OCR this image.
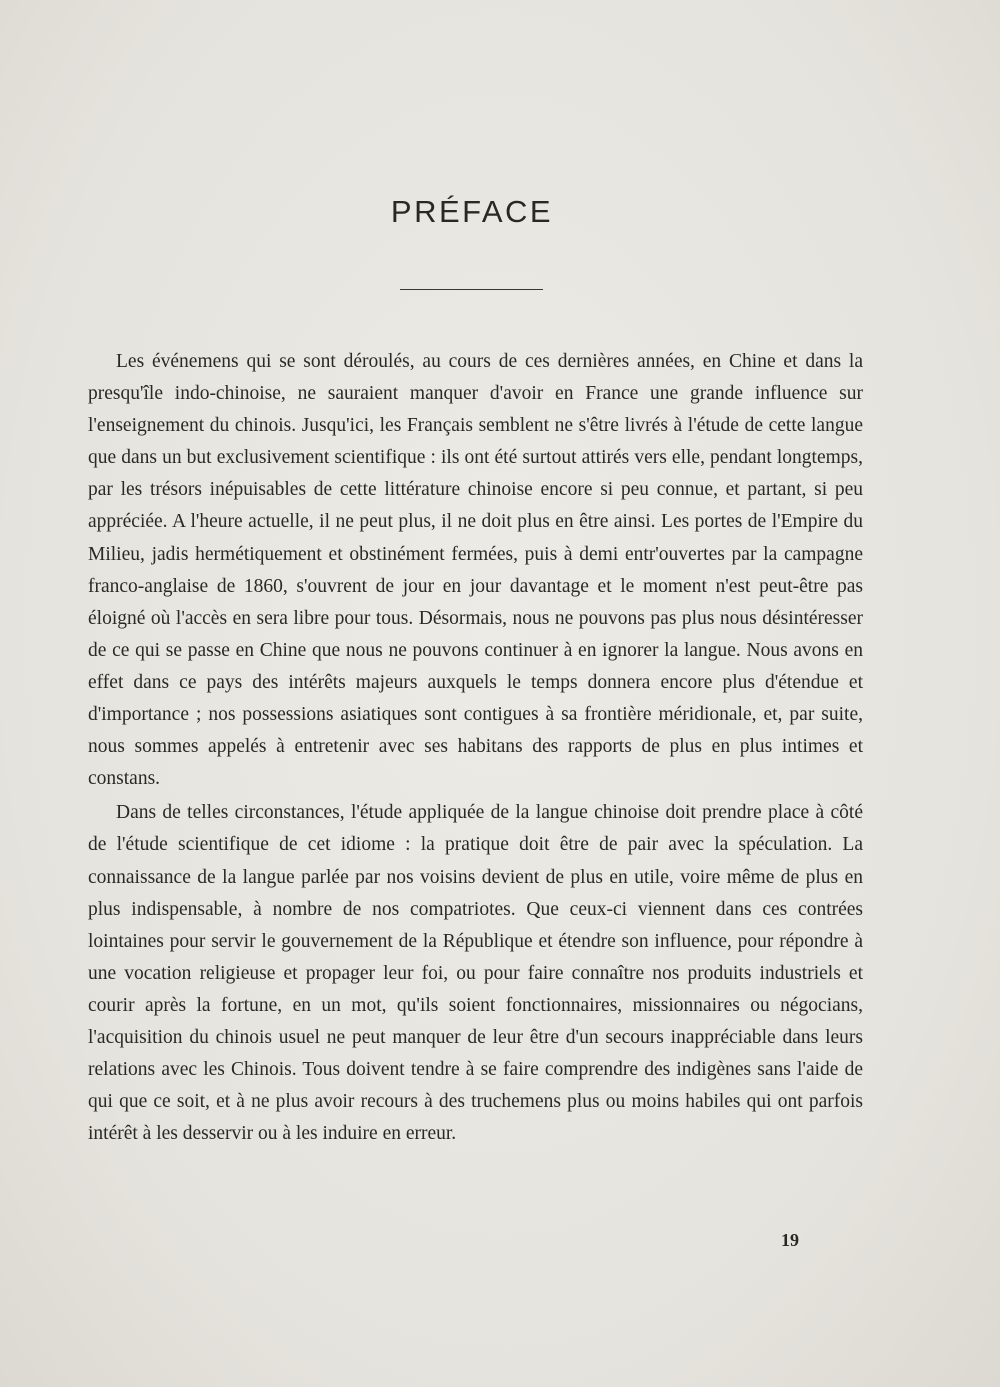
PRÉFACE

Les événemens qui se sont déroulés, au cours de ces dernières années, en Chine et dans la presqu'île indo-chinoise, ne sauraient manquer d'avoir en France une grande influence sur l'enseignement du chinois. Jusqu'ici, les Français semblent ne s'être livrés à l'étude de cette langue que dans un but exclusivement scientifique : ils ont été surtout attirés vers elle, pendant longtemps, par les trésors inépuisables de cette littérature chinoise encore si peu connue, et partant, si peu appréciée. A l'heure actuelle, il ne peut plus, il ne doit plus en être ainsi. Les portes de l'Empire du Milieu, jadis hermétiquement et obstinément fermées, puis à demi entr'ouvertes par la campagne franco-anglaise de 1860, s'ouvrent de jour en jour davantage et le moment n'est peut-être pas éloigné où l'accès en sera libre pour tous. Désormais, nous ne pouvons pas plus nous désintéresser de ce qui se passe en Chine que nous ne pouvons continuer à en ignorer la langue. Nous avons en effet dans ce pays des intérêts majeurs auxquels le temps donnera encore plus d'étendue et d'importance ; nos possessions asiatiques sont contigues à sa frontière méridionale, et, par suite, nous sommes appelés à entretenir avec ses habitans des rapports de plus en plus intimes et constans.

Dans de telles circonstances, l'étude appliquée de la langue chinoise doit prendre place à côté de l'étude scientifique de cet idiome : la pratique doit être de pair avec la spéculation. La connaissance de la langue parlée par nos voisins devient de plus en utile, voire même de plus en plus indispensable, à nombre de nos compatriotes. Que ceux-ci viennent dans ces contrées lointaines pour servir le gouvernement de la République et étendre son influence, pour répondre à une vocation religieuse et propager leur foi, ou pour faire connaître nos produits industriels et courir après la fortune, en un mot, qu'ils soient fonctionnaires, missionnaires ou négocians, l'acquisition du chinois usuel ne peut manquer de leur être d'un secours inappréciable dans leurs relations avec les Chinois. Tous doivent tendre à se faire comprendre des indigènes sans l'aide de qui que ce soit, et à ne plus avoir recours à des truchemens plus ou moins habiles qui ont parfois intérêt à les desservir ou à les induire en erreur.

19
